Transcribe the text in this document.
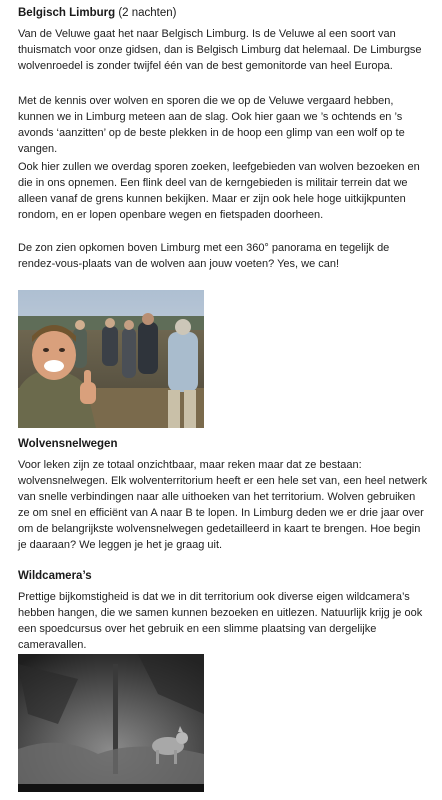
Belgisch Limburg (2 nachten)

Van de Veluwe gaat het naar Belgisch Limburg. Is de Veluwe al een soort van thuismatch voor onze gidsen, dan is Belgisch Limburg dat helemaal. De Limburgse wolvenroedel is zonder twijfel één van de best gemonitorde van heel Europa.

Met de kennis over wolven en sporen die we op de Veluwe vergaard hebben, kunnen we in Limburg meteen aan de slag. Ook hier gaan we ’s ochtends en ’s avonds ‘aanzitten’ op de beste plekken in de hoop een glimp van een wolf op te vangen.

Ook hier zullen we overdag sporen zoeken, leefgebieden van wolven bezoeken en die in ons opnemen. Een flink deel van de kerngebieden is militair terrein dat we alleen vanaf de grens kunnen bekijken. Maar er zijn ook hele hoge uitkijkpunten rondom, en er lopen openbare wegen en fietspaden doorheen.

De zon zien opkomen boven Limburg met een 360° panorama en tegelijk de rendez-vous-plaats van de wolven aan jouw voeten? Yes, we can!

Wolvensnelwegen

Voor leken zijn ze totaal onzichtbaar, maar reken maar dat ze bestaan: wolvensnelwegen. Elk wolventerritorium heeft er een hele set van, een heel netwerk van snelle verbindingen naar alle uithoeken van het territorium. Wolven gebruiken ze om snel en efficiënt van A naar B te lopen. In Limburg deden we er drie jaar over om de belangrijkste wolvensnelwegen gedetailleerd in kaart te brengen. Hoe begin je daaraan? We leggen je het je graag uit.

Wildcamera’s

Prettige bijkomstigheid is dat we in dit territorium ook diverse eigen wildcamera’s hebben hangen, die we samen kunnen bezoeken en uitlezen. Natuurlijk krijg je ook een spoedcursus over het gebruik en een slimme plaatsing van dergelijke cameravallen.
